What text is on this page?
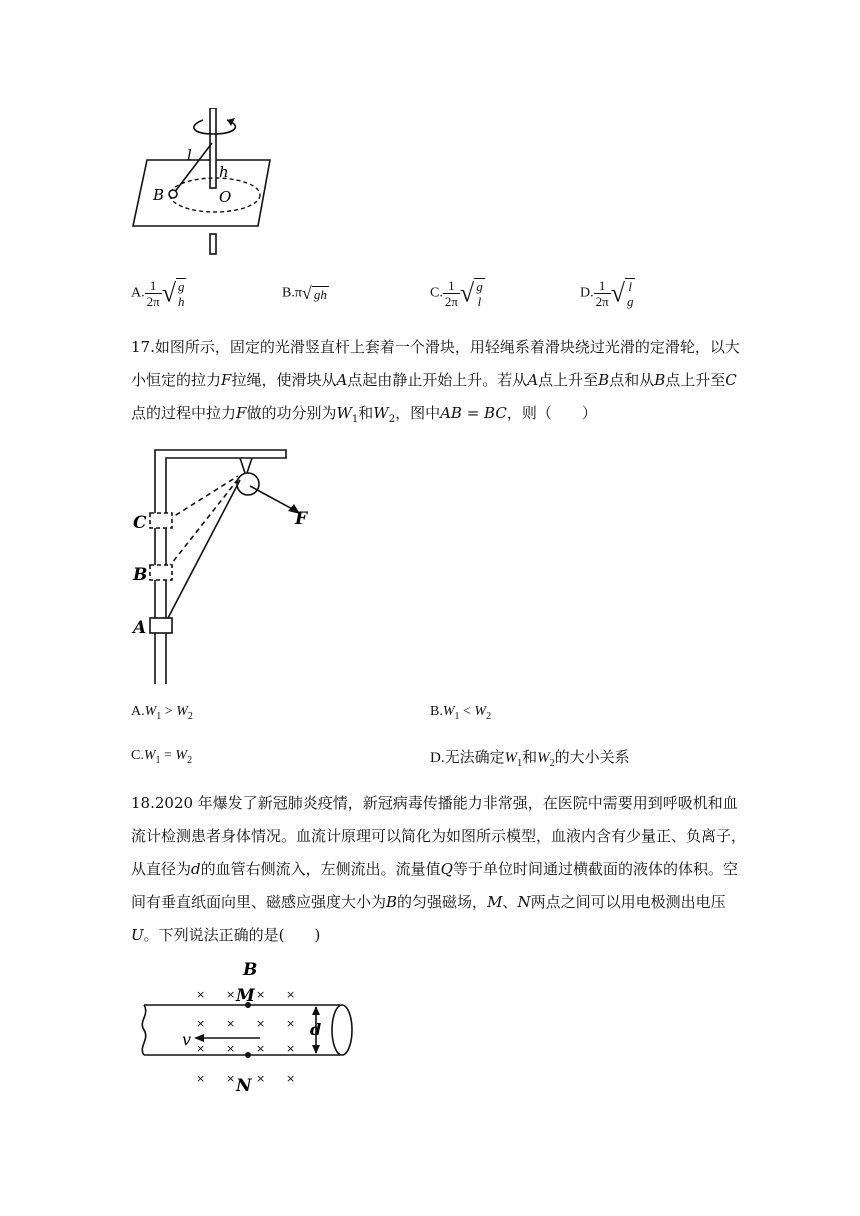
l
h
B	O
A. $\frac{1}{2\pi}$ √ g
h
B.π√ gh	C. $\frac{1}{2\pi}$ √ g
l
D. $\frac{1}{2\pi}$ √ l
g
17.如图所示，固定的光滑竖直杆上套着一个滑块，用轻绳系着滑块绕过光滑的定滑轮，以大小恒定的拉力F拉绳，使滑块从A点起由静止开始上升。若从A点上升至B点和从B点上升至C点的过程中拉力F做的功分别为$W_1$和$W_2$，图中AB = BC，则（　　）
C
B
A
F
$A.W_1 > W_2$	$B.W_1 < W_2$
$C.W_1 = W_2$	D.无法确定$W_1$和$W_2$的大小关系
18.2020 年爆发了新冠肺炎疫情，新冠病毒传播能力非常强，在医院中需要用到呼吸机和血流计检测患者身体情况。血流计原理可以简化为如图所示模型，血液内含有少量正、负离子，从直径为d的血管右侧流入，左侧流出。流量值Q等于单位时间通过横截面的液体的体积。空间有垂直纸面向里、磁感应强度大小为B的匀强磁场，M、N两点之间可以用电极测出电压U。下列说法正确的是(　　)
× × × ×
× × × ×
× × × ×
× × × ×
B
M
N
v
d
